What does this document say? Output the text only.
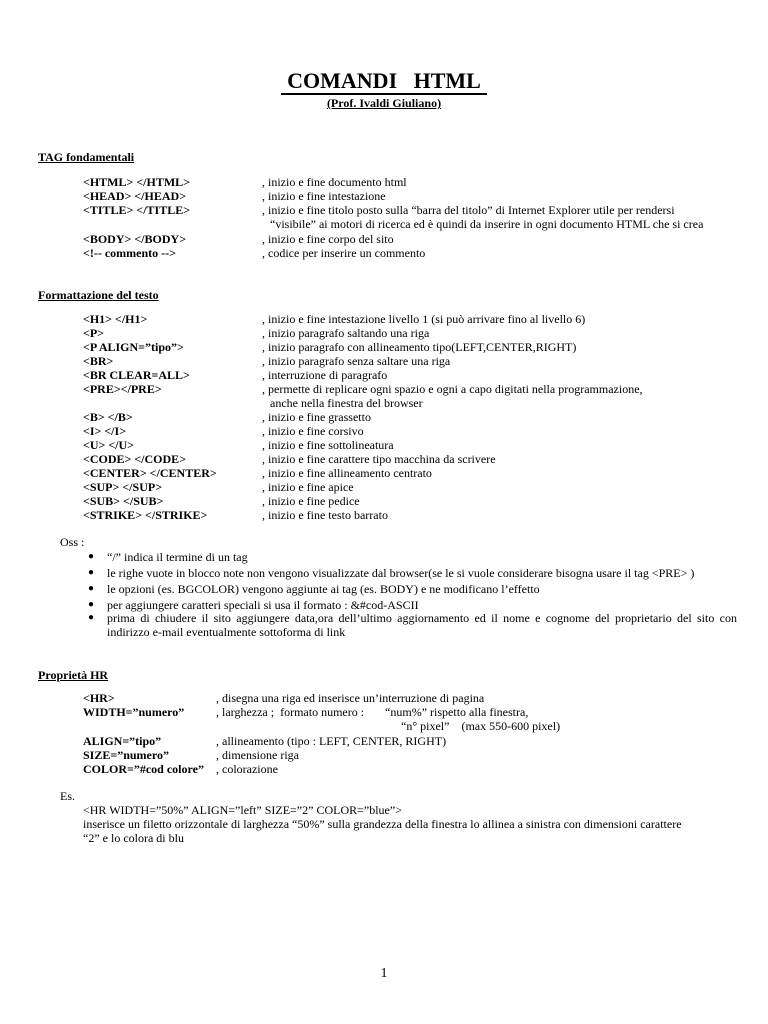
COMANDI   HTML
(Prof. Ivaldi Giuliano)
TAG fondamentali
<HTML> </HTML>	, inizio e fine documento html
<HEAD> </HEAD>	, inizio e fine intestazione
<TITLE> </TITLE>	, inizio e fine titolo posto sulla “barra del titolo” di Internet Explorer utile per rendersi
“visibile” ai motori di ricerca ed è quindi da inserire in ogni documento HTML che si crea
<BODY> </BODY>	, inizio e fine corpo del sito
<!-- commento -->	, codice per inserire un commento
Formattazione del testo
<H1> </H1>	, inizio e fine intestazione livello 1 (si può arrivare fino al livello 6)
<P>	, inizio paragrafo saltando una riga
<P ALIGN=”tipo”>	, inizio paragrafo con allineamento tipo(LEFT,CENTER,RIGHT)
<BR>	, inizio paragrafo senza saltare una riga
<BR CLEAR=ALL>	, interruzione di paragrafo
<PRE></PRE>	, permette di replicare ogni spazio e ogni a capo digitati nella programmazione,
anche nella finestra del browser
<B> </B>	, inizio e fine grassetto
<I> </I>	, inizio e fine corsivo
<U> </U>	, inizio e fine sottolineatura
<CODE> </CODE>	, inizio e fine carattere tipo macchina da scrivere
<CENTER> </CENTER>	, inizio e fine allineamento centrato
<SUP> </SUP>	, inizio e fine apice
<SUB> </SUB>	, inizio e fine pedice
<STRIKE> </STRIKE>	, inizio e fine testo barrato
Oss :
● “/” indica il termine di un tag
● le righe vuote in blocco note non vengono visualizzate dal browser(se le si vuole considerare bisogna usare il tag <PRE> )
● le opzioni (es. BGCOLOR) vengono aggiunte ai tag (es. BODY) e ne modificano l’effetto
● per aggiungere caratteri speciali si usa il formato : &#cod-ASCII
● prima di chiudere il sito aggiungere data,ora dell’ultimo aggiornamento ed il nome e cognome del proprietario del sito con indirizzo e-mail eventualmente sottoforma di link
Proprietà HR
<HR>	, disegna una riga ed inserisce un’interruzione di pagina
WIDTH=”numero”	, larghezza ;  formato numero :       “num%” rispetto alla finestra,
“n° pixel”    (max 550-600 pixel)
ALIGN=”tipo”	, allineamento (tipo : LEFT, CENTER, RIGHT)
SIZE=”numero”	, dimensione riga
COLOR=”#cod colore” , colorazione
Es.
<HR WIDTH=”50%” ALIGN=”left” SIZE=”2” COLOR=”blue”>
inserisce un filetto orizzontale di larghezza “50%” sulla grandezza della finestra lo allinea a sinistra con dimensioni carattere
“2” e lo colora di blu
1
